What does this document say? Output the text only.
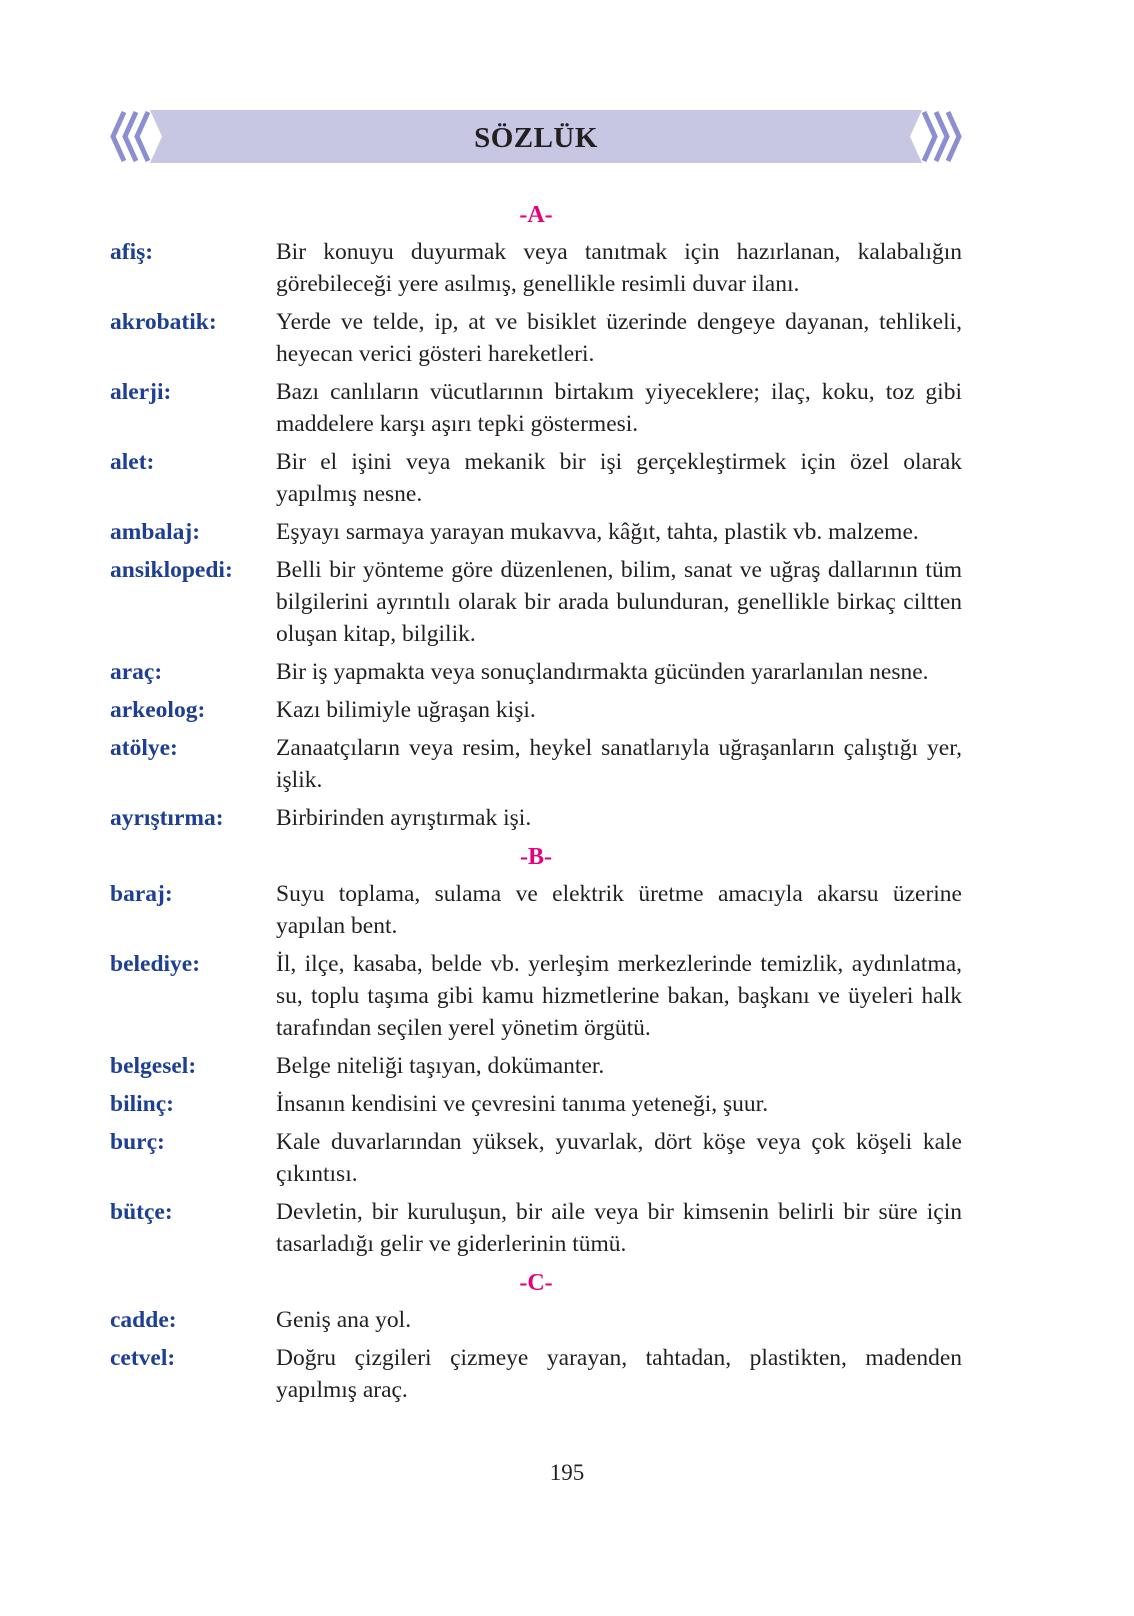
SÖZLÜK
-A-
afiş:	Bir konuyu duyurmak veya tanıtmak için hazırlanan, kalabalığın görebileceği yere asılmış, genellikle resimli duvar ilanı.
akrobatik:	Yerde ve telde, ip, at ve bisiklet üzerinde dengeye dayanan, tehlikeli, heyecan verici gösteri hareketleri.
alerji:	Bazı canlıların vücutlarının birtakım yiyeceklere; ilaç, koku, toz gibi maddelere karşı aşırı tepki göstermesi.
alet:	Bir el işini veya mekanik bir işi gerçekleştirmek için özel olarak yapılmış nesne.
ambalaj:	Eşyayı sarmaya yarayan mukavva, kâğıt, tahta, plastik vb. malzeme.
ansiklopedi:	Belli bir yönteme göre düzenlenen, bilim, sanat ve uğraş dallarının tüm bilgilerini ayrıntılı olarak bir arada bulunduran, genellikle birkaç ciltten oluşan kitap, bilgilik.
araç:	Bir iş yapmakta veya sonuçlandırmakta gücünden yararlanılan nesne.
arkeolog:	Kazı bilimiyle uğraşan kişi.
atölye:	Zanaatçıların veya resim, heykel sanatlarıyla uğraşanların çalıştığı yer, işlik.
ayrıştırma:	Birbirinden ayrıştırmak işi.
-B-
baraj:	Suyu toplama, sulama ve elektrik üretme amacıyla akarsu üzerine yapılan bent.
belediye:	İl, ilçe, kasaba, belde vb. yerleşim merkezlerinde temizlik, aydınlatma, su, toplu taşıma gibi kamu hizmetlerine bakan, başkanı ve üyeleri halk tarafından seçilen yerel yönetim örgütü.
belgesel:	Belge niteliği taşıyan, dokümanter.
bilinç:	İnsanın kendisini ve çevresini tanıma yeteneği, şuur.
burç:	Kale duvarlarından yüksek, yuvarlak, dört köşe veya çok köşeli kale çıkıntısı.
bütçe:	Devletin, bir kuruluşun, bir aile veya bir kimsenin belirli bir süre için tasarladığı gelir ve giderlerinin tümü.
-C-
cadde:	Geniş ana yol.
cetvel:	Doğru çizgileri çizmeye yarayan, tahtadan, plastikten, madenden yapılmış araç.
195
